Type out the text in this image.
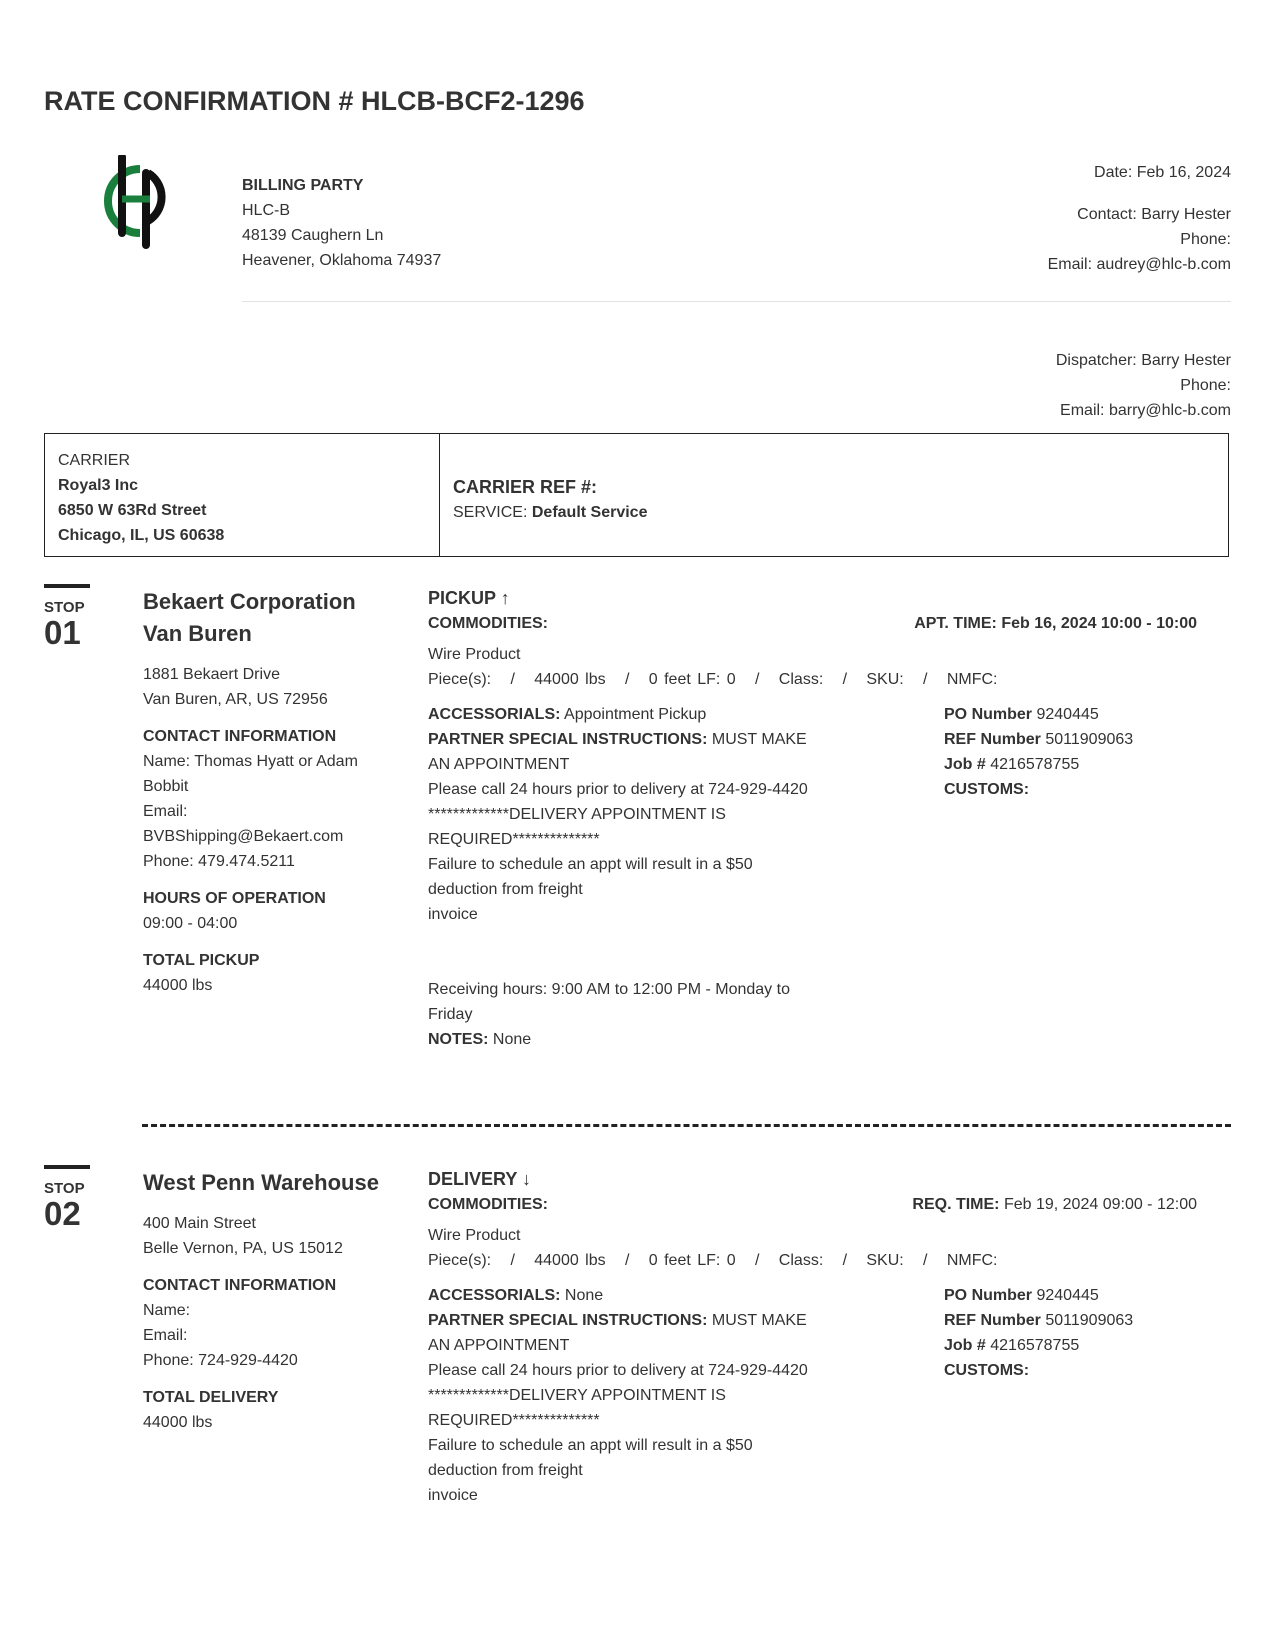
RATE CONFIRMATION # HLCB-BCF2-1296
BILLING PARTY
HLC-B
48139 Caughern Ln
Heavener, Oklahoma 74937
Date: Feb 16, 2024
Contact: Barry Hester
Phone:
Email: audrey@hlc-b.com
Dispatcher: Barry Hester
Phone:
Email: barry@hlc-b.com
CARRIER
Royal3 Inc
6850 W 63Rd Street
Chicago, IL, US 60638
CARRIER REF #:
SERVICE: Default Service
STOP
01
Bekaert Corporation
Van Buren
1881 Bekaert Drive
Van Buren, AR, US 72956
CONTACT INFORMATION
Name: Thomas Hyatt or Adam Bobbit
Email:
BVBShipping@Bekaert.com
Phone: 479.474.5211
HOURS OF OPERATION
09:00 - 04:00
TOTAL PICKUP
44000 lbs
PICKUP ↑
COMMODITIES:	APT. TIME: Feb 16, 2024 10:00 - 10:00
Wire Product
Piece(s):   /   44000 lbs   /   0 feet LF: 0   /   Class:   /   SKU:   /   NMFC:
ACCESSORIALS: Appointment Pickup
PARTNER SPECIAL INSTRUCTIONS: MUST MAKE AN APPOINTMENT
Please call 24 hours prior to delivery at 724-929-4420
*************DELIVERY APPOINTMENT IS REQUIRED**************
Failure to schedule an appt will result in a $50 deduction from freight
invoice

Receiving hours: 9:00 AM to 12:00 PM - Monday to Friday
NOTES: None
PO Number 9240445
REF Number 5011909063
Job # 4216578755
CUSTOMS:
STOP
02
West Penn Warehouse
400 Main Street
Belle Vernon, PA, US 15012
CONTACT INFORMATION
Name:
Email:
Phone: 724-929-4420
TOTAL DELIVERY
44000 lbs
DELIVERY ↓
COMMODITIES:	REQ. TIME: Feb 19, 2024 09:00 - 12:00
Wire Product
Piece(s):   /   44000 lbs   /   0 feet LF: 0   /   Class:   /   SKU:   /   NMFC:
ACCESSORIALS: None
PARTNER SPECIAL INSTRUCTIONS: MUST MAKE AN APPOINTMENT
Please call 24 hours prior to delivery at 724-929-4420
*************DELIVERY APPOINTMENT IS REQUIRED**************
Failure to schedule an appt will result in a $50 deduction from freight
invoice
PO Number 9240445
REF Number 5011909063
Job # 4216578755
CUSTOMS:
